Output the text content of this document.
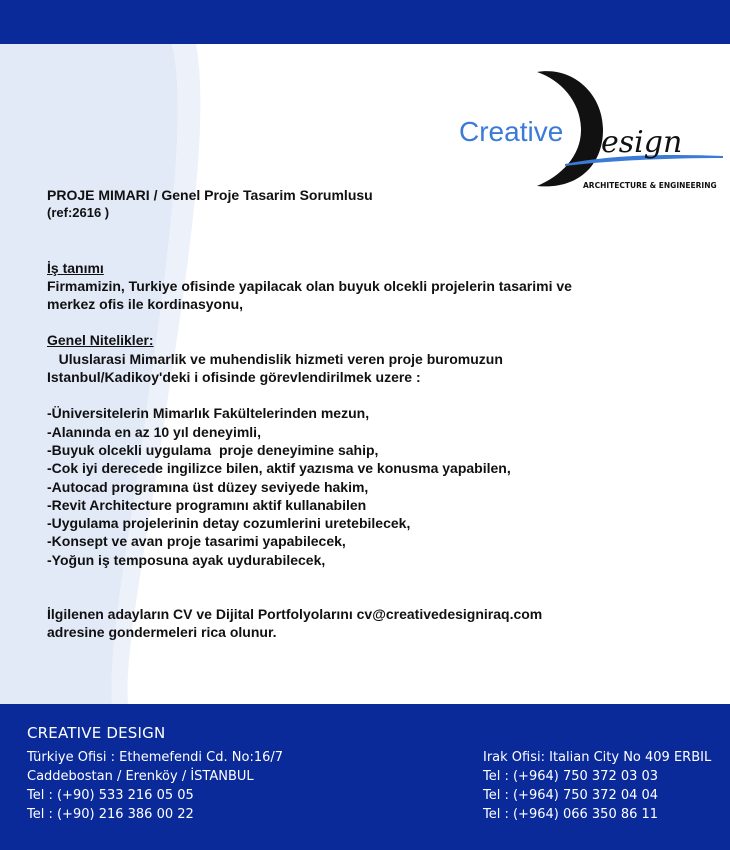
Creative esign
ARCHITECTURE & ENGINEERING
PROJE MIMARI / Genel Proje Tasarim Sorumlusu
(ref:2616 )
İş tanımı
Firmamizin, Turkiye ofisinde yapilacak olan buyuk olcekli projelerin tasarimi ve
merkez ofis ile kordinasyonu,
Genel Nitelikler:
Uluslarasi Mimarlik ve muhendislik hizmeti veren proje buromuzun
Istanbul/Kadikoy'deki i ofisinde görevlendirilmek uzere :
-Üniversitelerin Mimarlık Fakültelerinden mezun,
-Alanında en az 10 yıl deneyimli,
-Buyuk olcekli uygulama  proje deneyimine sahip,
-Cok iyi derecede ingilizce bilen, aktif yazısma ve konusma yapabilen,
-Autocad programına üst düzey seviyede hakim,
-Revit Architecture programını aktif kullanabilen
-Uygulama projelerinin detay cozumlerini uretebilecek,
-Konsept ve avan proje tasarimi yapabilecek,
-Yoğun iş temposuna ayak uydurabilecek,
İlgilenen adayların CV ve Dijital Portfolyolarını cv@creativedesigniraq.com
adresine gondermeleri rica olunur.
CREATIVE DESIGN
Türkiye Ofisi : Ethemefendi Cd. No:16/7
Caddebostan / Erenköy / İSTANBUL
Tel : (+90) 533 216 05 05
Tel : (+90) 216 386 00 22
Irak Ofisi: Italian City No 409 ERBIL
Tel : (+964) 750 372 03 03
Tel : (+964) 750 372 04 04
Tel : (+964) 066 350 86 11
